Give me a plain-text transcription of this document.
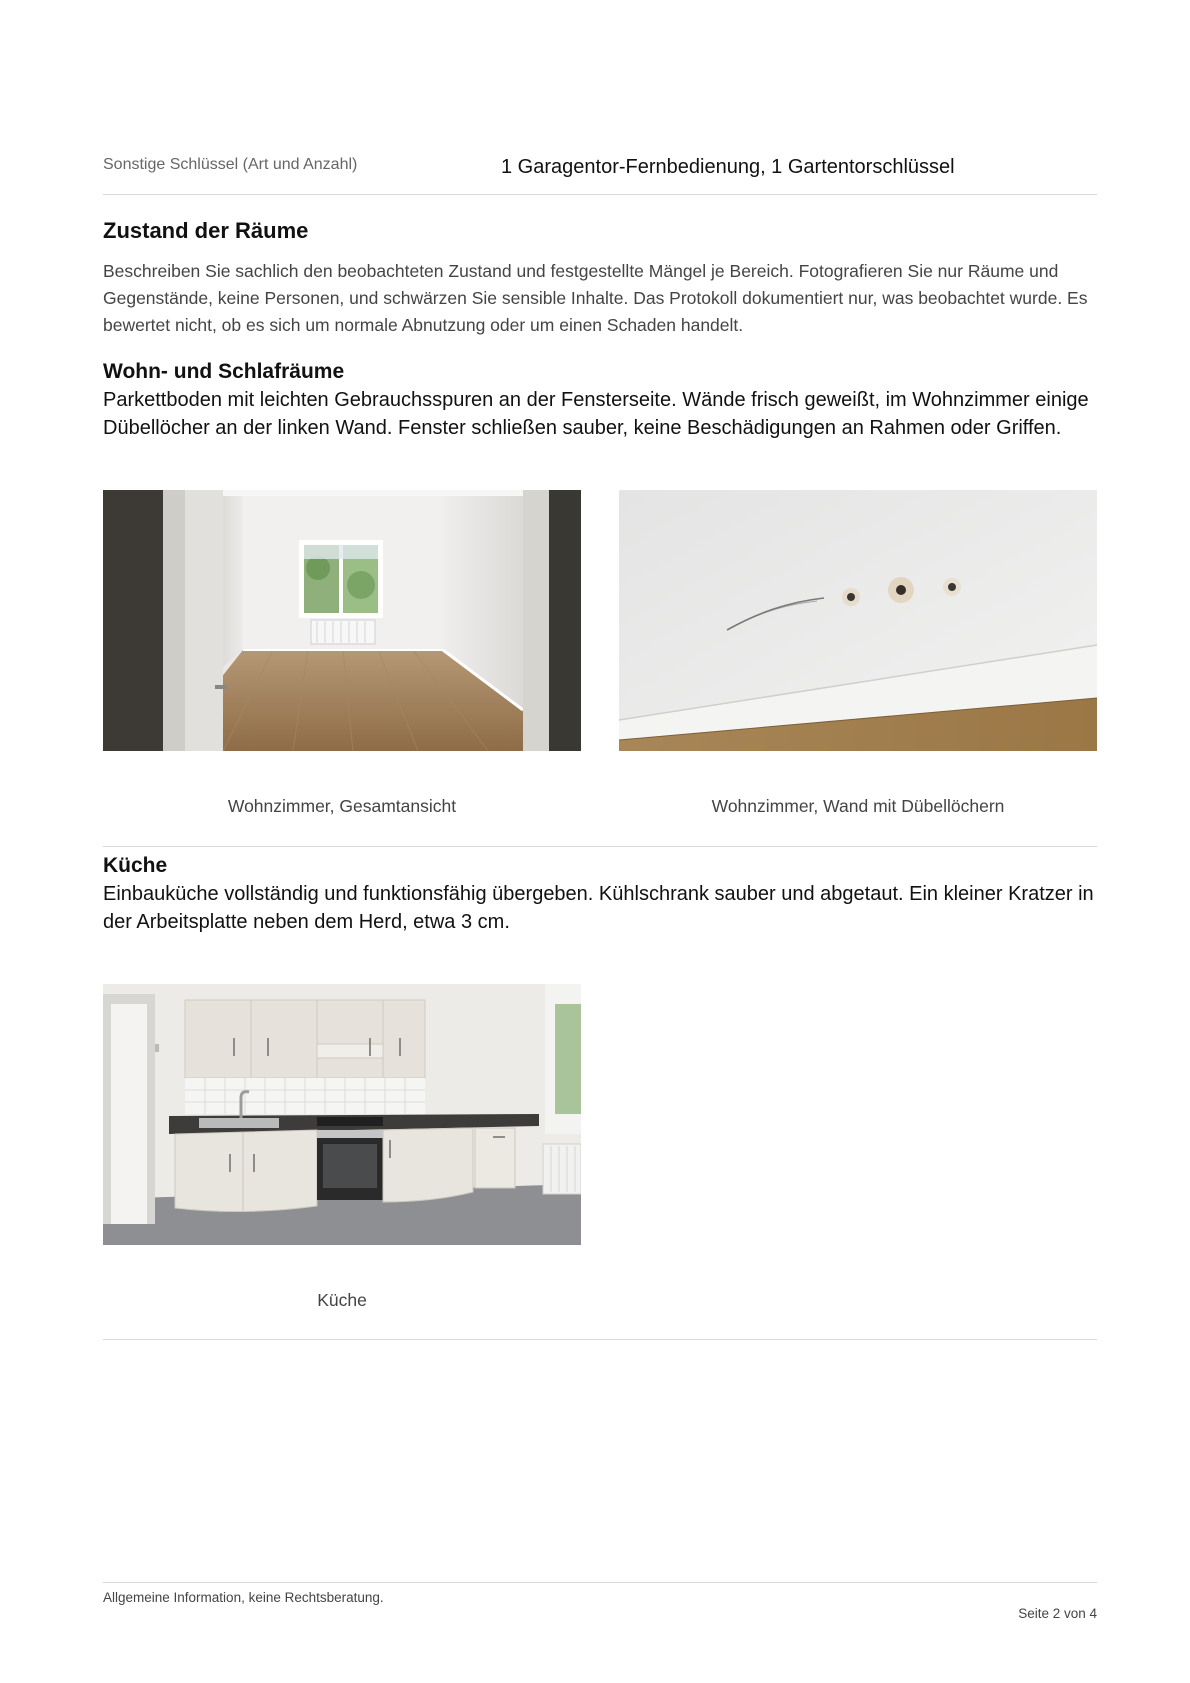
Sonstige Schlüssel (Art und Anzahl)	1 Garagentor-Fernbedienung, 1 Gartentorschlüssel
Zustand der Räume

Beschreiben Sie sachlich den beobachteten Zustand und festgestellte Mängel je Bereich. Fotografieren Sie nur Räume und Gegenstände, keine Personen, und schwärzen Sie sensible Inhalte. Das Protokoll dokumentiert nur, was beobachtet wurde. Es bewertet nicht, ob es sich um normale Abnutzung oder um einen Schaden handelt.

Wohn- und Schlafräume

Parkettboden mit leichten Gebrauchsspuren an der Fensterseite. Wände frisch geweißt, im Wohnzimmer einige Dübellöcher an der linken Wand. Fenster schließen sauber, keine Beschädigungen an Rahmen oder Griffen.

Wohnzimmer, Gesamtansicht	Wohnzimmer, Wand mit Dübellöchern
Küche

Einbauküche vollständig und funktionsfähig übergeben. Kühlschrank sauber und abgetaut. Ein kleiner Kratzer in der Arbeitsplatte neben dem Herd, etwa 3 cm.

Küche
Allgemeine Information, keine Rechtsberatung.
Seite 2 von 4
